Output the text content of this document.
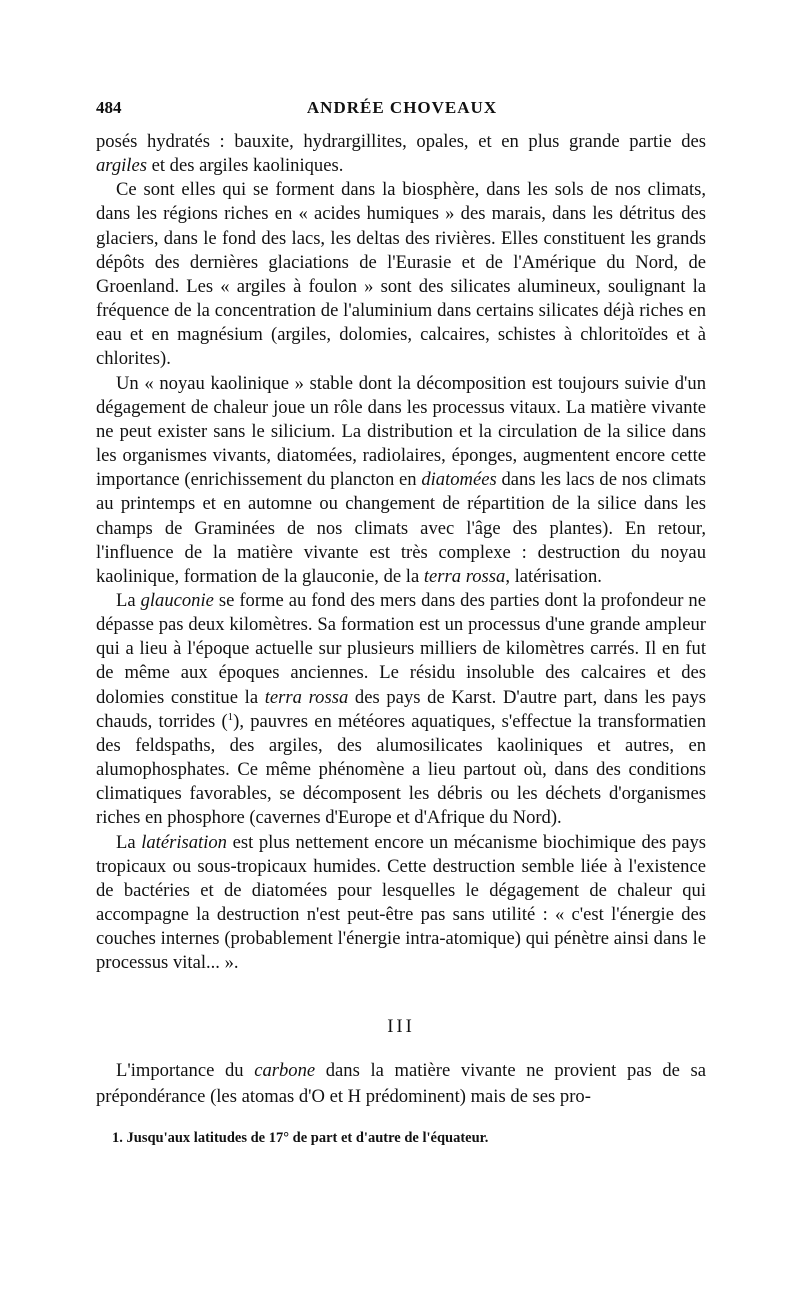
484	ANDRÉE CHOVEAUX

posés hydratés : bauxite, hydrargillites, opales, et en plus grande partie des argiles et des argiles kaoliniques.

Ce sont elles qui se forment dans la biosphère, dans les sols de nos climats, dans les régions riches en « acides humiques » des marais, dans les détritus des glaciers, dans le fond des lacs, les deltas des rivières. Elles constituent les grands dépôts des dernières glaciations de l'Eurasie et de l'Amérique du Nord, de Groenland. Les « argiles à foulon » sont des silicates alumineux, soulignant la fréquence de la concentration de l'aluminium dans certains silicates déjà riches en eau et en magnésium (argiles, dolomies, calcaires, schistes à chloritoïdes et à chlorites).

Un « noyau kaolinique » stable dont la décomposition est toujours suivie d'un dégagement de chaleur joue un rôle dans les processus vitaux. La matière vivante ne peut exister sans le silicium. La distribution et la circulation de la silice dans les organismes vivants, diatomées, radiolaires, éponges, augmentent encore cette importance (enrichissement du plancton en diatomées dans les lacs de nos climats au printemps et en automne ou changement de répartition de la silice dans les champs de Graminées de nos climats avec l'âge des plantes). En retour, l'influence de la matière vivante est très complexe : destruction du noyau kaolinique, formation de la glauconie, de la terra rossa, latérisation.

La glauconie se forme au fond des mers dans des parties dont la profondeur ne dépasse pas deux kilomètres. Sa formation est un processus d'une grande ampleur qui a lieu à l'époque actuelle sur plusieurs milliers de kilomètres carrés. Il en fut de même aux époques anciennes. Le résidu insoluble des calcaires et des dolomies constitue la terra rossa des pays de Karst. D'autre part, dans les pays chauds, torrides ($^1$), pauvres en météores aquatiques, s'effectue la transformatien des feldspaths, des argiles, des alumosilicates kaoliniques et autres, en alumophosphates. Ce même phénomène a lieu partout où, dans des conditions climatiques favorables, se décomposent les débris ou les déchets d'organismes riches en phosphore (cavernes d'Europe et d'Afrique du Nord).

La latérisation est plus nettement encore un mécanisme biochimique des pays tropicaux ou sous-tropicaux humides. Cette destruction semble liée à l'existence de bactéries et de diatomées pour lesquelles le dégagement de chaleur qui accompagne la destruction n'est peut-être pas sans utilité : « c'est l'énergie des couches internes (probablement l'énergie intra-atomique) qui pénètre ainsi dans le processus vital... ».

III

L'importance du carbone dans la matière vivante ne provient pas de sa prépondérance (les atomas d'O et H prédominent) mais de ses pro-

1. Jusqu'aux latitudes de 17° de part et d'autre de l'équateur.
